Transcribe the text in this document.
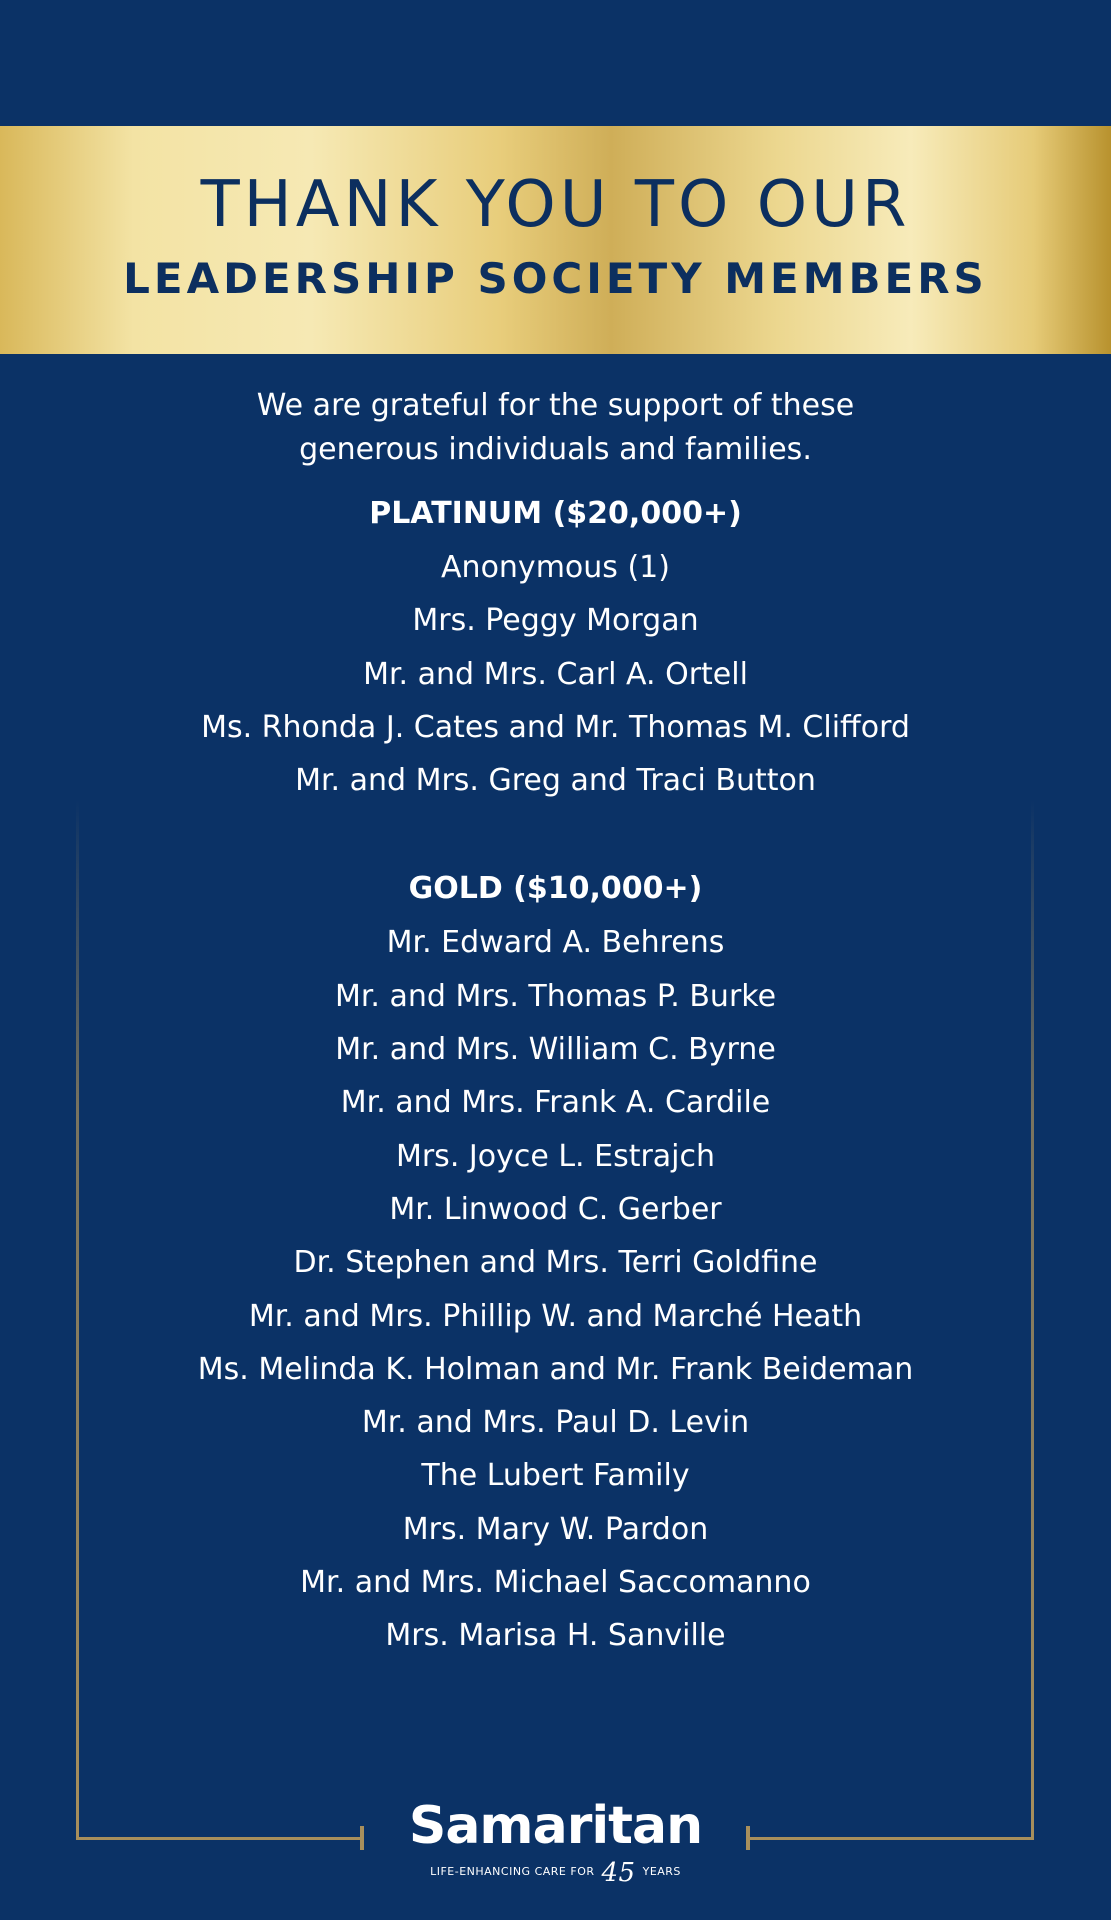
THANK YOU TO OUR
LEADERSHIP SOCIETY MEMBERS

We are grateful for the support of these
generous individuals and families.

PLATINUM ($20,000+)
Anonymous (1)
Mrs. Peggy Morgan
Mr. and Mrs. Carl A. Ortell
Ms. Rhonda J. Cates and Mr. Thomas M. Clifford
Mr. and Mrs. Greg and Traci Button
GOLD ($10,000+)
Mr. Edward A. Behrens
Mr. and Mrs. Thomas P. Burke
Mr. and Mrs. William C. Byrne
Mr. and Mrs. Frank A. Cardile
Mrs. Joyce L. Estrajch
Mr. Linwood C. Gerber
Dr. Stephen and Mrs. Terri Goldfine
Mr. and Mrs. Phillip W. and Marché Heath
Ms. Melinda K. Holman and Mr. Frank Beideman
Mr. and Mrs. Paul D. Levin
The Lubert Family
Mrs. Mary W. Pardon
Mr. and Mrs. Michael Saccomanno
Mrs. Marisa H. Sanville
Samaritan
LIFE-ENHANCING CARE FOR 45 YEARS
